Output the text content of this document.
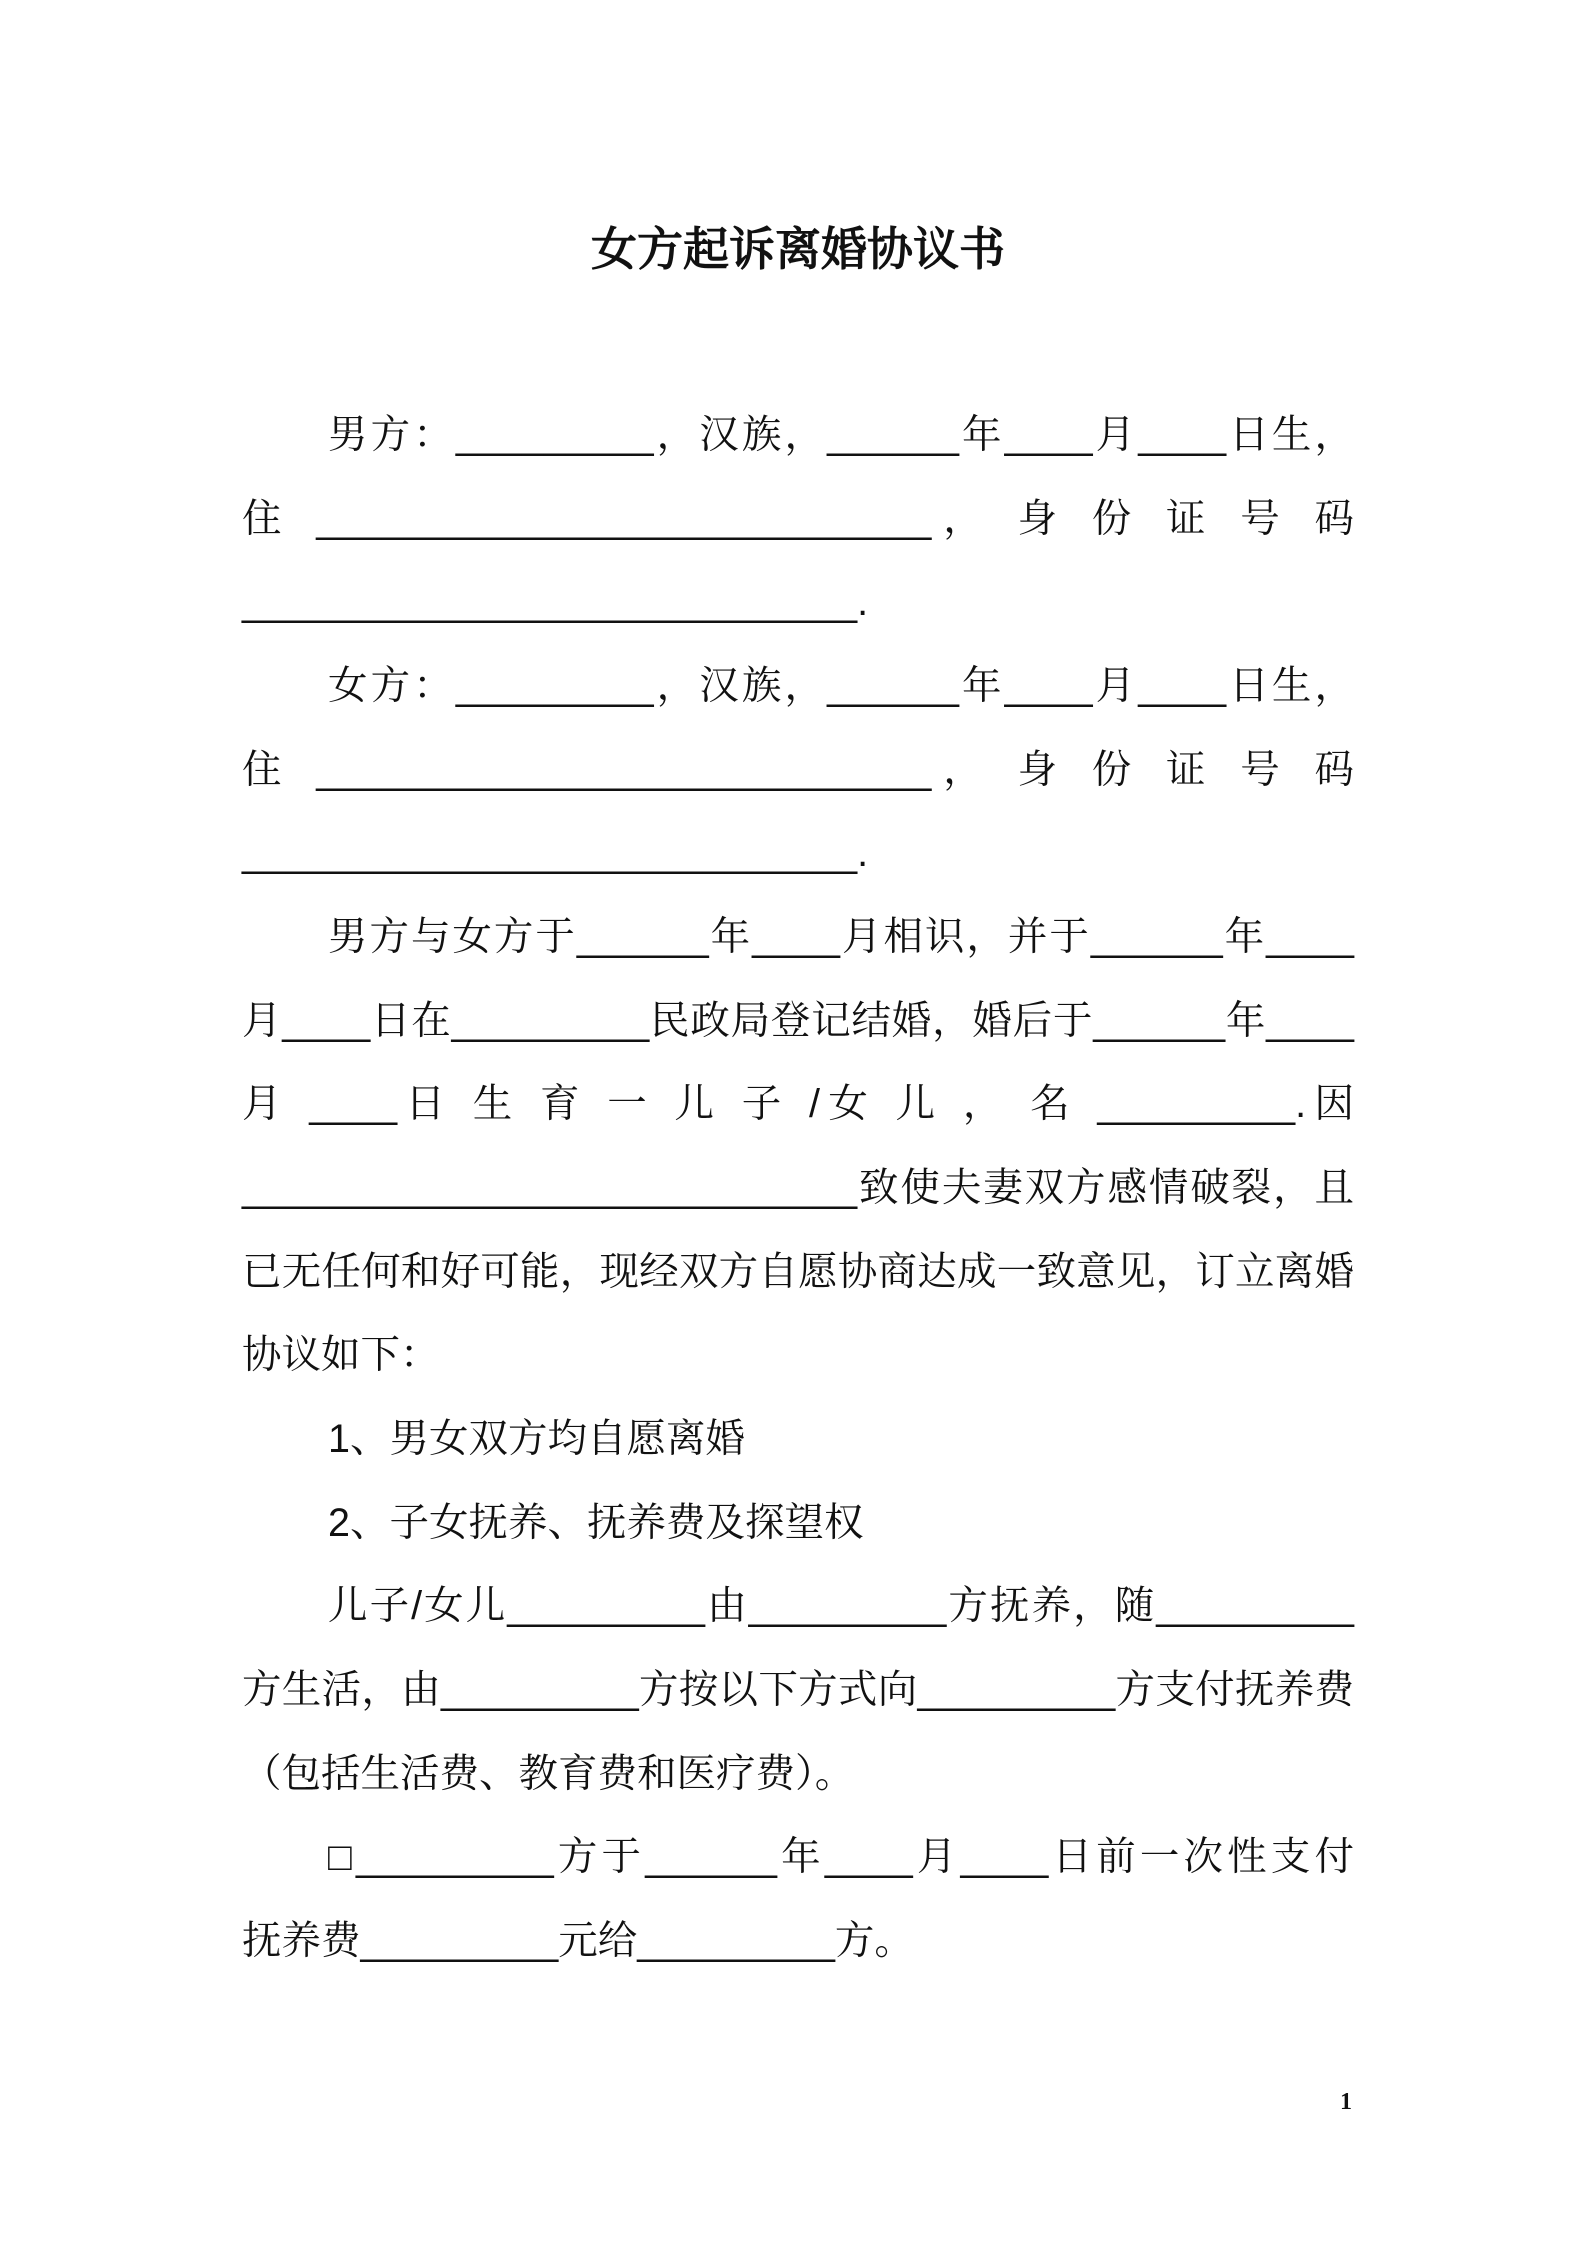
女方起诉离婚协议书
男方：_________，汉族，______年____月____日生，
住 ____________________________， 身 份 证 号 码
____________________________.
女方：_________，汉族，______年____月____日生，
住 ____________________________， 身 份 证 号 码
____________________________.
男方与女方于______年____月相识，并于______年____
月____日在_________民政局登记结婚，婚后于______年____
月 ____日 生 育 一 儿 子 /女 儿 ， 名 _________.因
____________________________致使夫妻双方感情破裂，且
已无任何和好可能，现经双方自愿协商达成一致意见，订立离婚
协议如下：
1、男女双方均自愿离婚
2、子女抚养、抚养费及探望权
儿子/女儿_________由_________方抚养，随_________
方生活，由_________方按以下方式向_________方支付抚养费
（包括生活费、教育费和医疗费）。
□_________方于______年____月____日前一次性支付
抚养费_________元给_________方。
1
